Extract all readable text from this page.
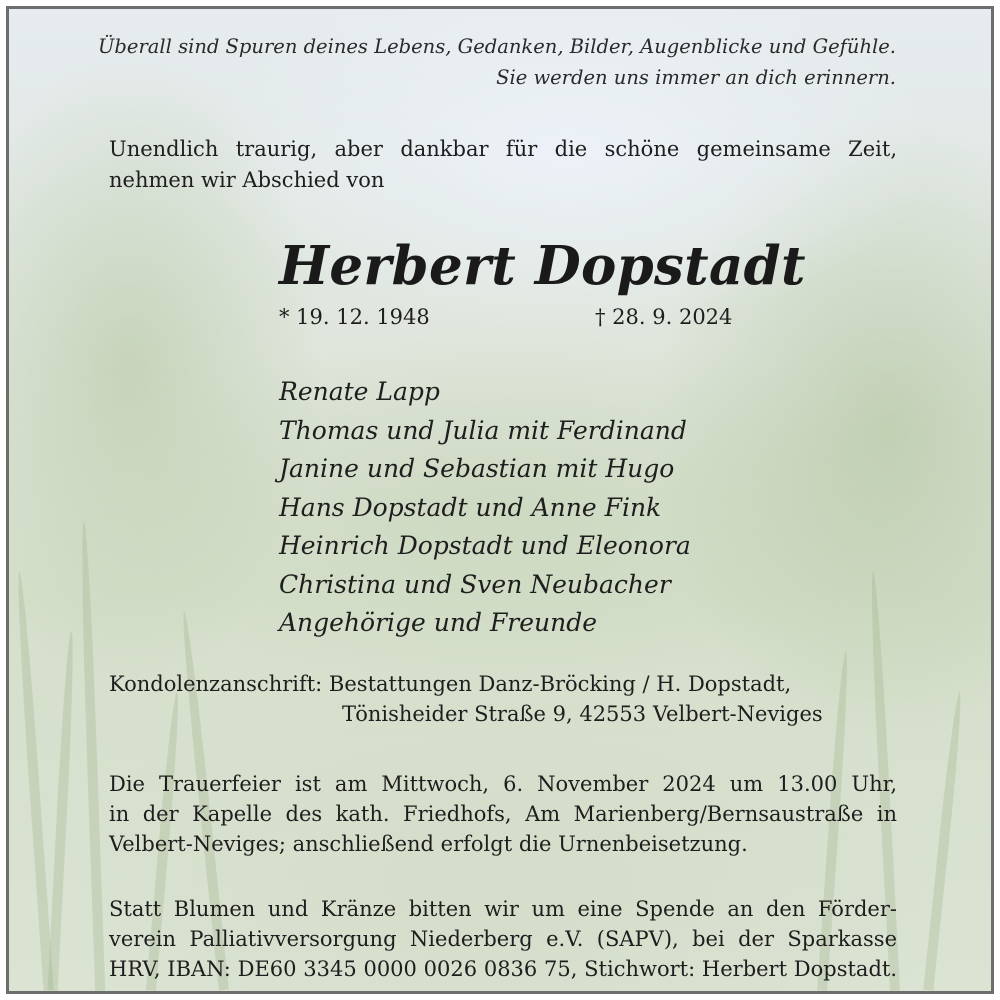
Überall sind Spuren deines Lebens, Gedanken, Bilder, Augenblicke und Gefühle.
Sie werden uns immer an dich erinnern.

Unendlich traurig, aber dankbar für die schöne gemeinsame Zeit,
nehmen wir Abschied von

Herbert Dopstadt
* 19. 12. 1948	† 28. 9. 2024
Renate Lapp
Thomas und Julia mit Ferdinand
Janine und Sebastian mit Hugo
Hans Dopstadt und Anne Fink
Heinrich Dopstadt und Eleonora
Christina und Sven Neubacher
Angehörige und Freunde

Kondolenzanschrift: Bestattungen Danz-Bröcking / H. Dopstadt,
Tönisheider Straße 9, 42553 Velbert-Neviges

Die Trauerfeier ist am Mittwoch, 6. November 2024 um 13.00 Uhr,
in der Kapelle des kath. Friedhofs, Am Marienberg/Bernsaustraße in
Velbert-Neviges; anschließend erfolgt die Urnenbeisetzung.

Statt Blumen und Kränze bitten wir um eine Spende an den Förder-
verein Palliativversorgung Niederberg e.V. (SAPV), bei der Sparkasse
HRV, IBAN: DE60 3345 0000 0026 0836 75, Stichwort: Herbert Dopstadt.
